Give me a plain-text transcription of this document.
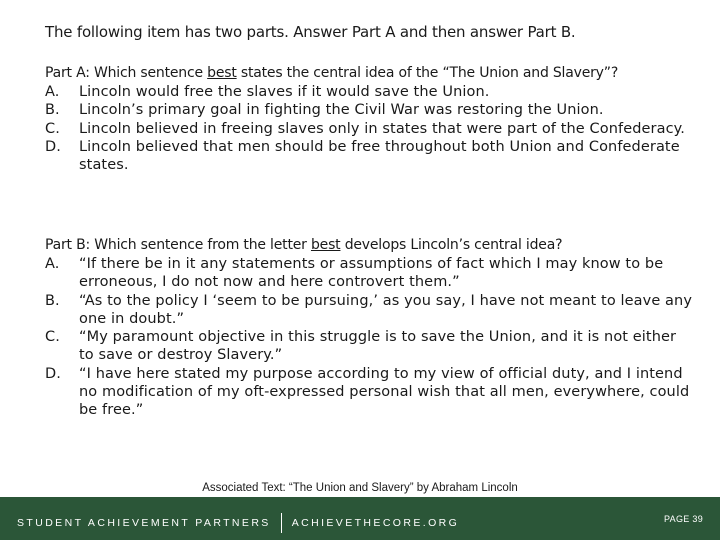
The following item has two parts. Answer Part A and then answer Part B.
Part A: Which sentence best states the central idea of the “The Union and Slavery”?
A.	Lincoln would free the slaves if it would save the Union.
B.	Lincoln’s primary goal in fighting the Civil War was restoring the Union.
C.	Lincoln believed in freeing slaves only in states that were part of the Confederacy.
D.	Lincoln believed that men should be free throughout both Union and Confederate states.
Part B: Which sentence from the letter best develops Lincoln’s central idea?
A.	“If there be in it any statements or assumptions of fact which I may know to be erroneous, I do not now and here controvert them.”
B.	“As to the policy I ‘seem to be pursuing,’ as you say, I have not meant to leave any one in doubt.”
C.	“My paramount objective in this struggle is to save the Union, and it is not either to save or destroy Slavery.”
D.	“I have here stated my purpose according to my view of official duty, and I intend no modification of my oft-expressed personal wish that all men, everywhere, could be free.”
Associated Text: “The Union and Slavery” by Abraham Lincoln
STUDENT ACHIEVEMENT PARTNERS ACHIEVETHECORE.ORG	PAGE 39
